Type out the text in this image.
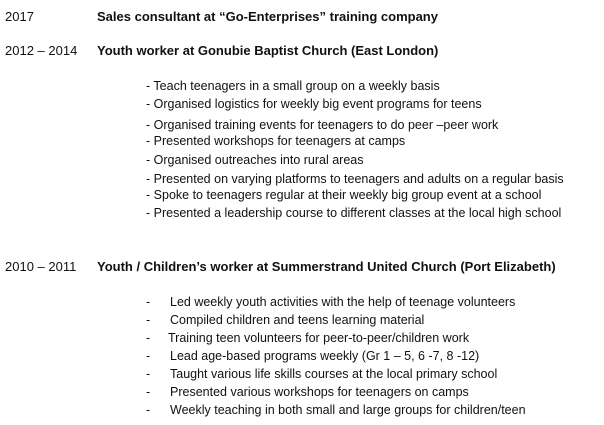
2017	Sales consultant at “Go-Enterprises” training company
2012 – 2014 Youth worker at Gonubie Baptist Church (East London)
- Teach teenagers in a small group on a weekly basis
- Organised logistics for weekly big event programs for teens
- Organised training events for teenagers to do peer –peer work
- Presented workshops for teenagers at camps
- Organised outreaches into rural areas
- Presented on varying platforms to teenagers and adults on a regular basis
- Spoke to teenagers regular at their weekly big group event at a school
- Presented a leadership course to different classes at the local high school
2010 – 2011 Youth / Children’s worker at Summerstrand United Church (Port Elizabeth)
- Led weekly youth activities with the help of teenage volunteers
- Compiled children and teens learning material
- Training teen volunteers for peer-to-peer/children work
- Lead age-based programs weekly (Gr 1 – 5, 6 -7, 8 -12)
- Taught various life skills courses at the local primary school
- Presented various workshops for teenagers on camps
- Weekly teaching in both small and large groups for children/teen
